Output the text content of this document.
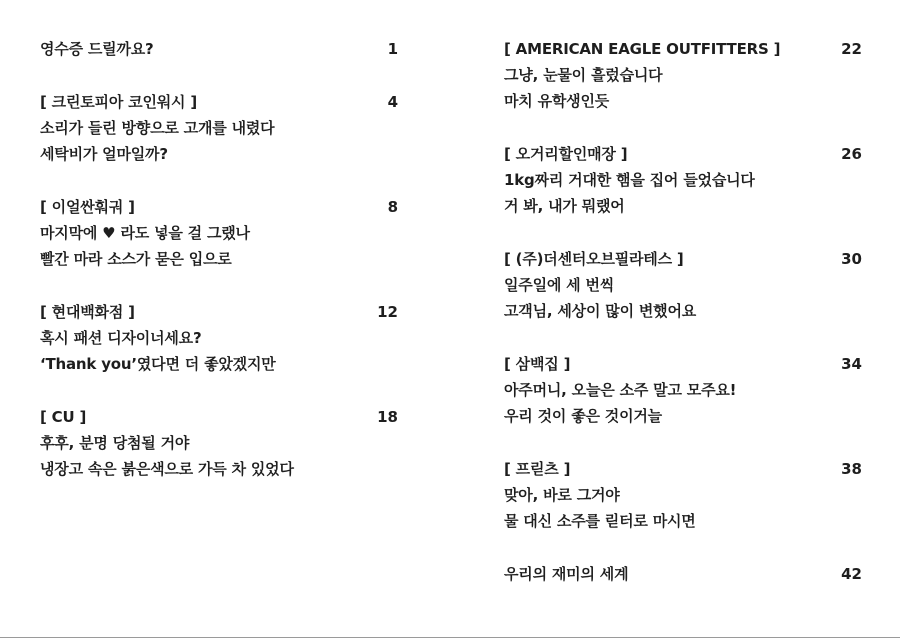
영수증 드릴까요?	1
[ 크린토피아 코인워시 ]	4
소리가 들린 방향으로 고개를 내렸다
세탁비가 얼마일까?
[ 이얼싼훠궈 ]	8
마지막에 ♥ 라도 넣을 걸 그랬나
빨간 마라 소스가 묻은 입으로
[ 현대백화점 ]	12
혹시 패션 디자이너세요?
‘Thank you’였다면 더 좋았겠지만
[ CU ]	18
후후, 분명 당첨될 거야
냉장고 속은 붉은색으로 가득 차 있었다
[ AMERICAN EAGLE OUTFITTERS ]	22
그냥, 눈물이 흘렀습니다
마치 유학생인듯
[ 오거리할인매장 ]	26
1kg짜리 거대한 햄을 집어 들었습니다
거 봐, 내가 뭐랬어
[ (주)더센터오브필라테스 ]	30
일주일에 세 번씩
고객님, 세상이 많이 변했어요
[ 삼백집 ]	34
아주머니, 오늘은 소주 말고 모주요!
우리 것이 좋은 것이거늘
[ 프릳츠 ]	38
맞아, 바로 그거야
물 대신 소주를 릳터로 마시면
우리의 재미의 세계	42
